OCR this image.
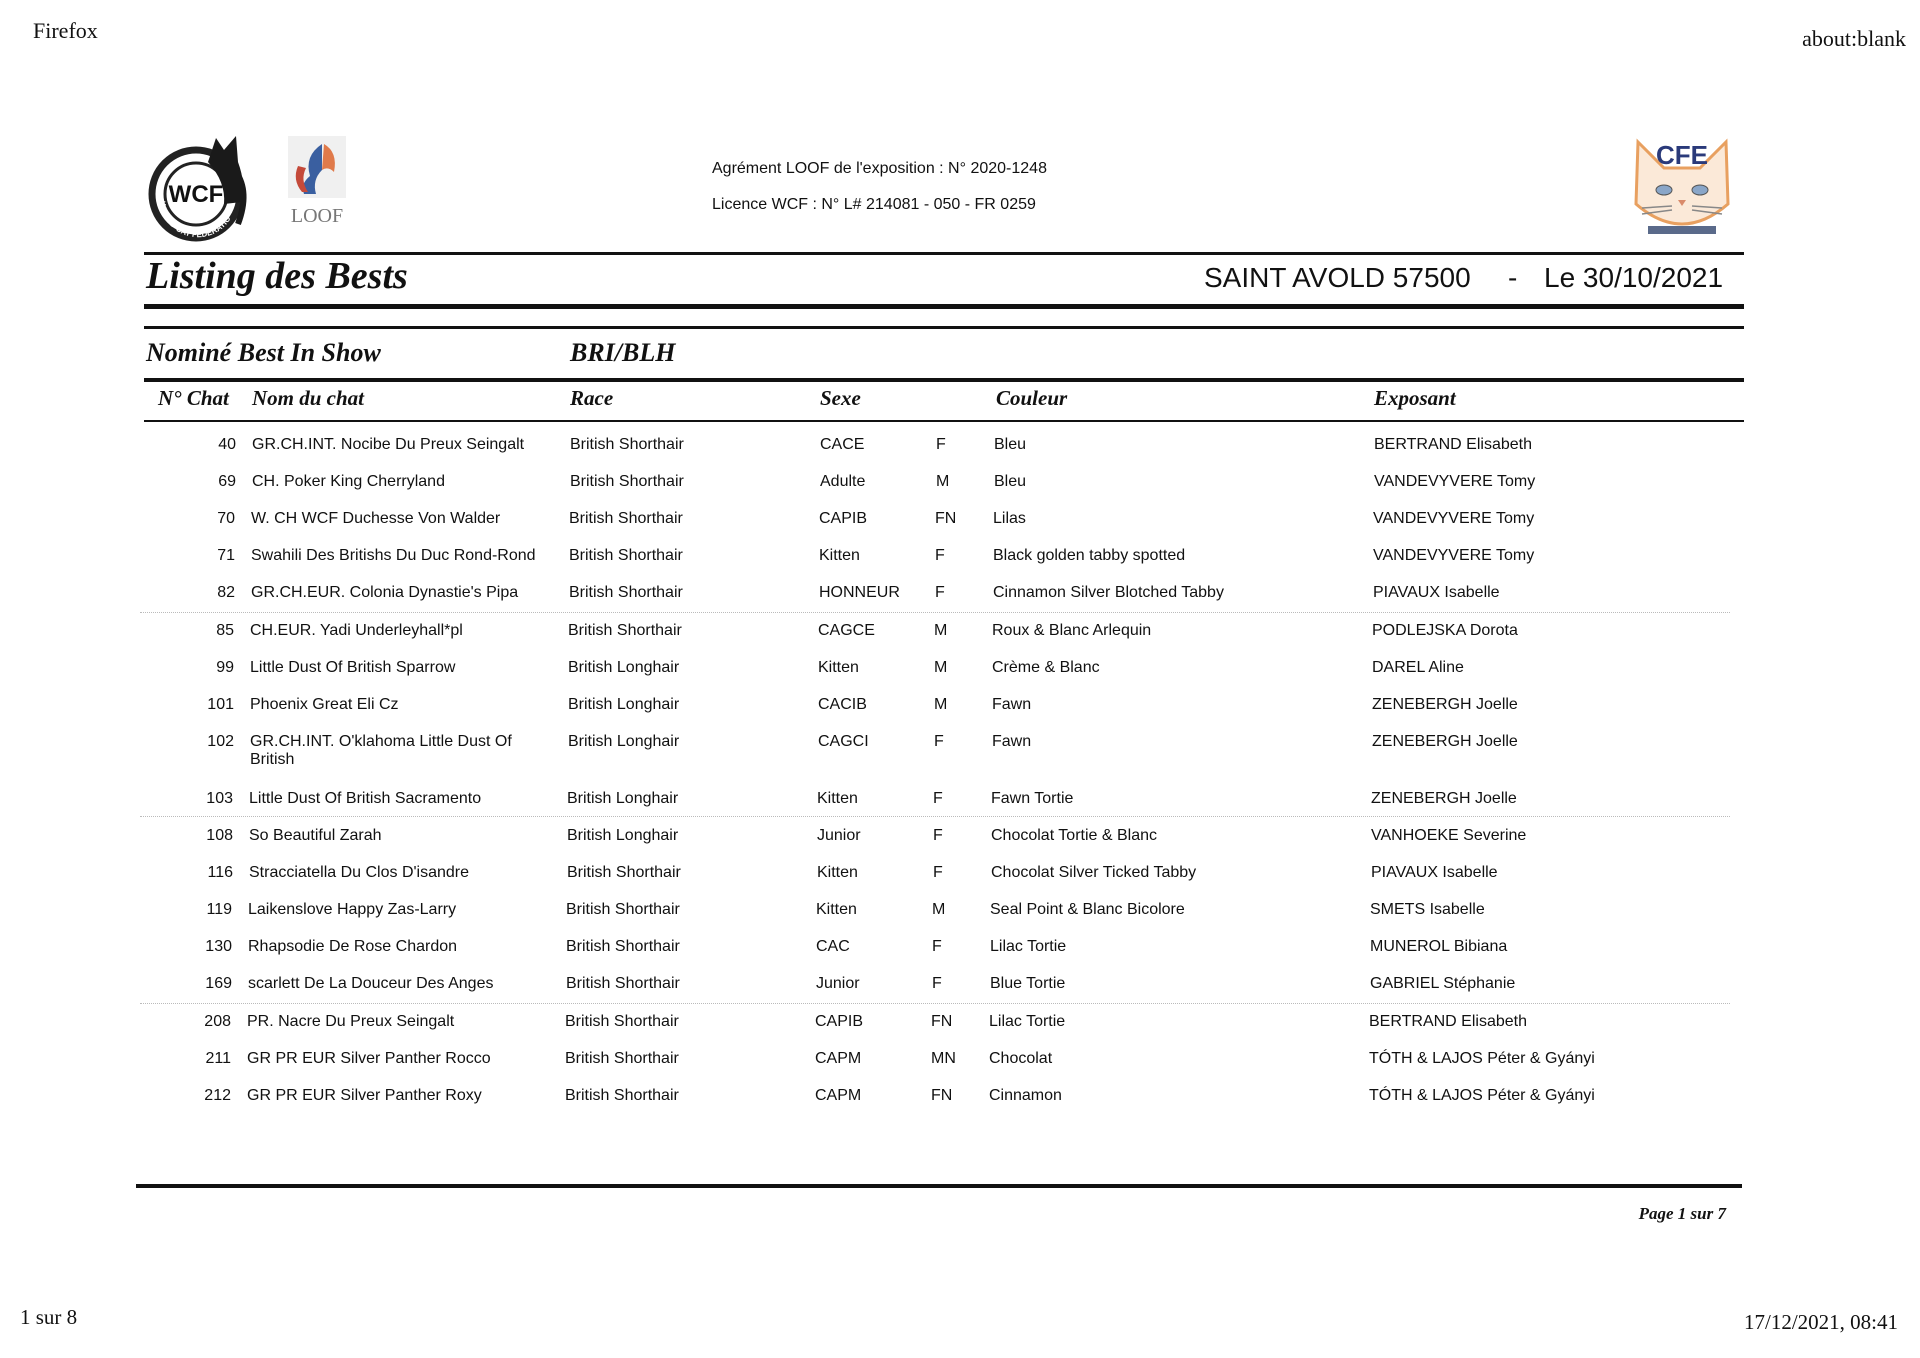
Firefox	about:blank
WCF
WORLD CAT FEDERATIO	LOOF
CFE
Agrément LOOF de l'exposition : N° 2020-1248
Licence WCF : N° L# 214081 - 050 - FR 0259
Listing des Bests	SAINT AVOLD 57500 - Le 30/10/2021
Nominé Best In Show	BRI/BLH
N° Chat Nom du chat	Race	Sexe	Couleur	Exposant
40 GR.CH.INT. Nocibe Du Preux Seingalt	British Shorthair	CACE	F	Bleu	BERTRAND Elisabeth
69 CH. Poker King Cherryland	British Shorthair	Adulte	M	Bleu	VANDEVYVERE Tomy
70 W. CH WCF Duchesse Von Walder	British Shorthair	CAPIB	FN Lilas	VANDEVYVERE Tomy
71 Swahili Des Britishs Du Duc Rond-Rond	British Shorthair	Kitten	F	Black golden tabby spotted	VANDEVYVERE Tomy
82 GR.CH.EUR. Colonia Dynastie's Pipa	British Shorthair	HONNEUR F	Cinnamon Silver Blotched Tabby	PIAVAUX Isabelle
85 CH.EUR. Yadi Underleyhall*pl	British Shorthair	CAGCE	M	Roux & Blanc Arlequin	PODLEJSKA Dorota
99 Little Dust Of British Sparrow	British Longhair	Kitten	M	Crème & Blanc	DAREL Aline
101 Phoenix Great Eli Cz	British Longhair	CACIB	M	Fawn	ZENEBERGH Joelle
102 GR.CH.INT. O'klahoma Little Dust Of British
British Longhair	CAGCI	F	Fawn	ZENEBERGH Joelle
103 Little Dust Of British Sacramento	British Longhair	Kitten	F	Fawn Tortie	ZENEBERGH Joelle
108 So Beautiful Zarah	British Longhair	Junior	F	Chocolat Tortie & Blanc	VANHOEKE Severine
116 Stracciatella Du Clos D'isandre	British Shorthair	Kitten	F	Chocolat Silver Ticked Tabby	PIAVAUX Isabelle
119 Laikenslove Happy Zas-Larry	British Shorthair	Kitten	M	Seal Point & Blanc Bicolore	SMETS Isabelle
130 Rhapsodie De Rose Chardon	British Shorthair	CAC	F	Lilac Tortie	MUNEROL Bibiana
169 scarlett De La Douceur Des Anges	British Shorthair	Junior	F	Blue Tortie	GABRIEL Stéphanie
208 PR. Nacre Du Preux Seingalt	British Shorthair	CAPIB	FN Lilac Tortie	BERTRAND Elisabeth
211 GR PR EUR Silver Panther Rocco	British Shorthair	CAPM	MN Chocolat	TÓTH & LAJOS Péter & Gyányi
212 GR PR EUR Silver Panther Roxy	British Shorthair	CAPM	FN Cinnamon	TÓTH & LAJOS Péter & Gyányi
Page 1 sur 7
1 sur 8	17/12/2021, 08:41
